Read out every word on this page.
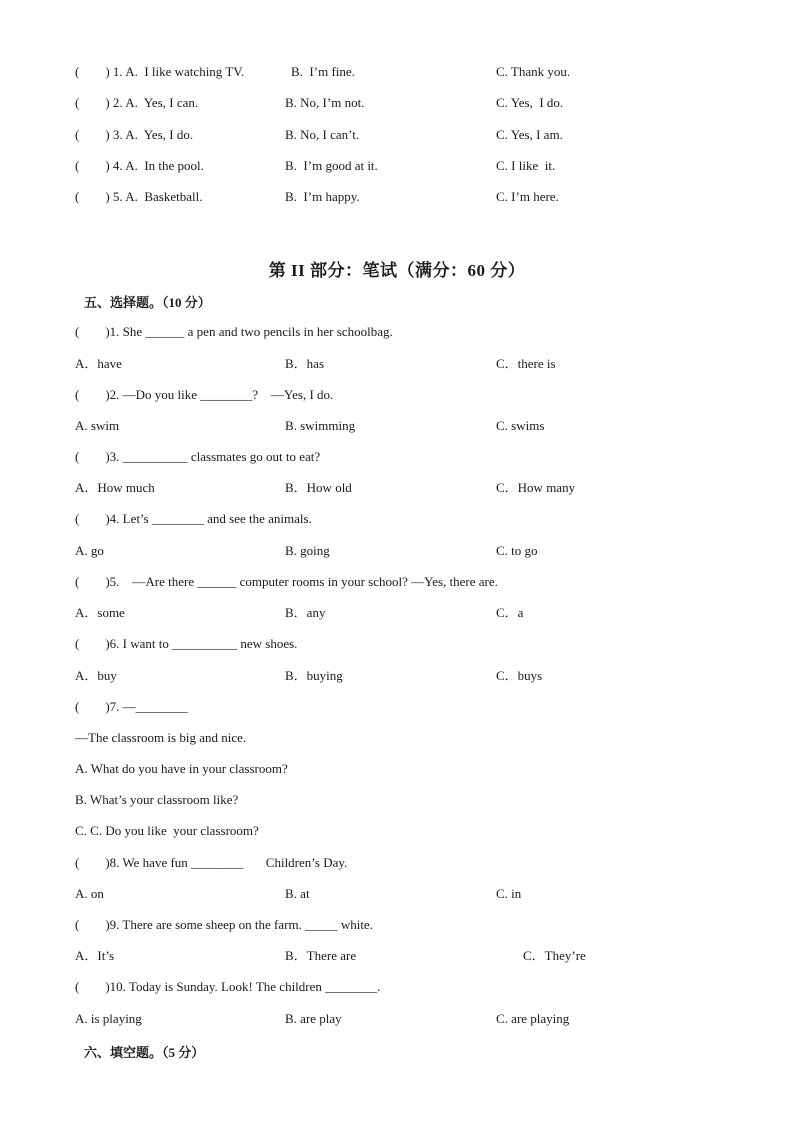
(        ) 1. A.  I like watching TV.

	B.  I’m fine.

	C. Thank you.

(        ) 2. A.  Yes, I can.

	B. No, I’m not.

	C. Yes,  I do.

(        ) 3. A.  Yes, I do.

	B. No, I can’t.

	C. Yes, I am.

(        ) 4. A.  In the pool.

	B.  I’m good at it.

	C. I like  it.

(        ) 5. A.  Basketball.

	B.  I’m happy.

	C. I’m here.

第 II 部分：笔试（满分：60 分）
五、选择题。（10 分）

(        )1. She ______ a pen and two pencils in her schoolbag.

A．have

	B．has

	C．there is

(        )2. —Do you like ________?    —Yes, I do.

A. swim

	B. swimming

	C. swims

(        )3. __________ classmates go out to eat?

A．How much

	B．How old

	C．How many

(        )4. Let’s ________ and see the animals.

A. go

	B. going

	C. to go

(        )5.    —Are there ______ computer rooms in your school? —Yes, there are.

A．some

	B．any

	C．a

(        )6. I want to __________ new shoes.

A．buy

	B．buying

	C．buys

(        )7. —________

—The classroom is big and nice.

A. What do you have in your classroom?

B. What’s your classroom like?

C. C. Do you like  your classroom?

(        )8. We have fun ________       Children’s Day.

A. on

	B. at

	C. in

(        )9. There are some sheep on the farm. _____ white.

A．It’s

	B．There are

	C．They’re

(        )10. Today is Sunday. Look! The children ________.

A. is playing

	B. are play

	C. are playing

六、填空题。（5 分）
